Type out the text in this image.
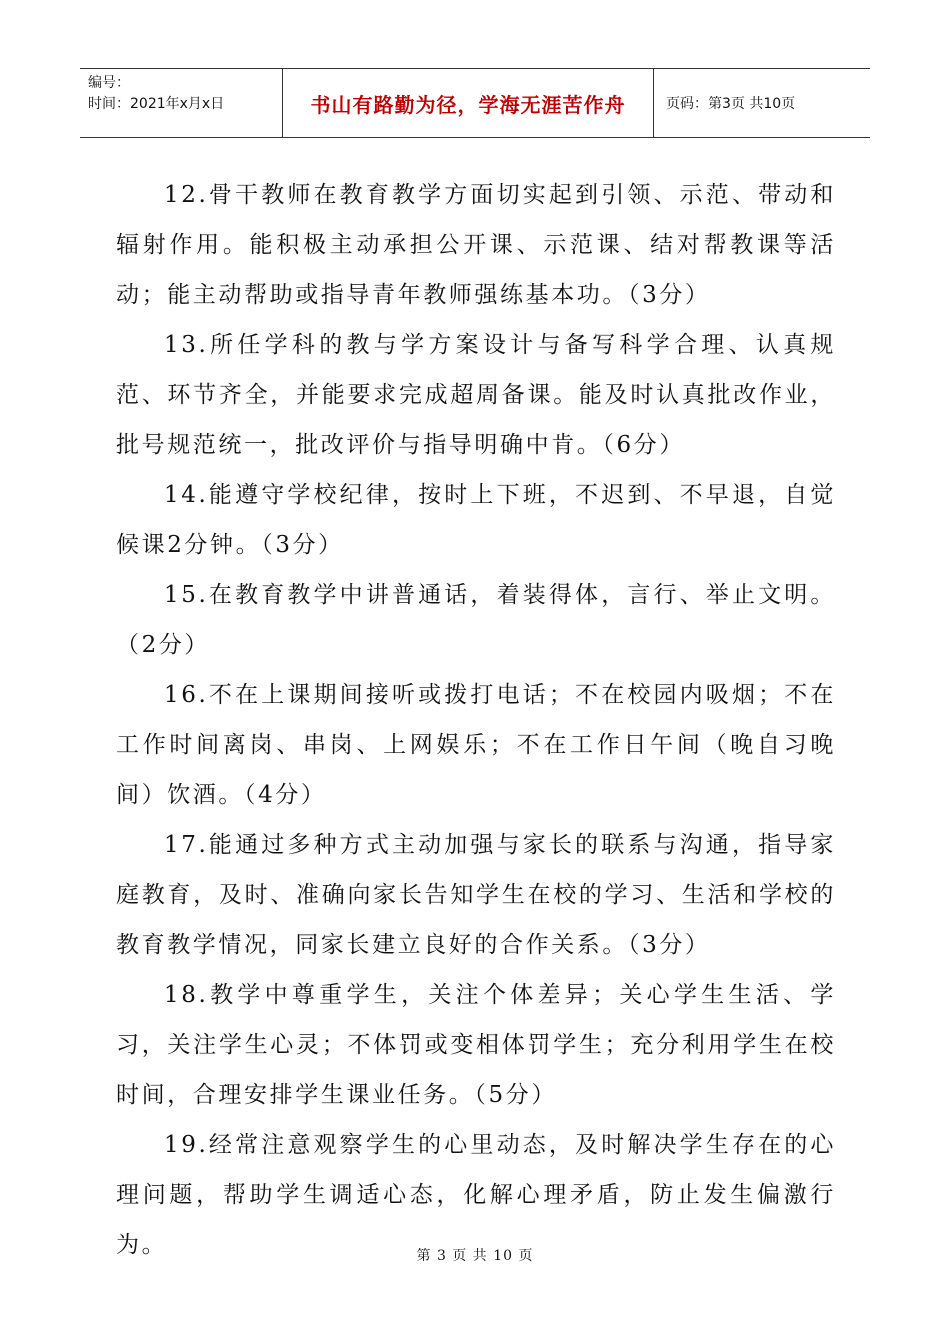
编号：
时间：2021年x月x日	书山有路勤为径，学海无涯苦作舟	页码：第3页 共10页

12.骨干教师在教育教学方面切实起到引领、示范、带动和辐射作用。能积极主动承担公开课、示范课、结对帮教课等活动；能主动帮助或指导青年教师强练基本功。（3分）

13.所任学科的教与学方案设计与备写科学合理、认真规范、环节齐全，并能要求完成超周备课。能及时认真批改作业，批号规范统一，批改评价与指导明确中肯。（6分）

14.能遵守学校纪律，按时上下班，不迟到、不早退，自觉候课2分钟。（3分）

15.在教育教学中讲普通话，着装得体，言行、举止文明。（2分）

16.不在上课期间接听或拨打电话；不在校园内吸烟；不在工作时间离岗、串岗、上网娱乐；不在工作日午间（晚自习晚间）饮酒。（4分）

17.能通过多种方式主动加强与家长的联系与沟通，指导家庭教育，及时、准确向家长告知学生在校的学习、生活和学校的教育教学情况，同家长建立良好的合作关系。（3分）

18.教学中尊重学生，关注个体差异；关心学生生活、学习，关注学生心灵；不体罚或变相体罚学生；充分利用学生在校时间，合理安排学生课业任务。（5分）

19.经常注意观察学生的心里动态，及时解决学生存在的心理问题，帮助学生调适心态，化解心理矛盾，防止发生偏激行为。	第 3 页 共 10 页
